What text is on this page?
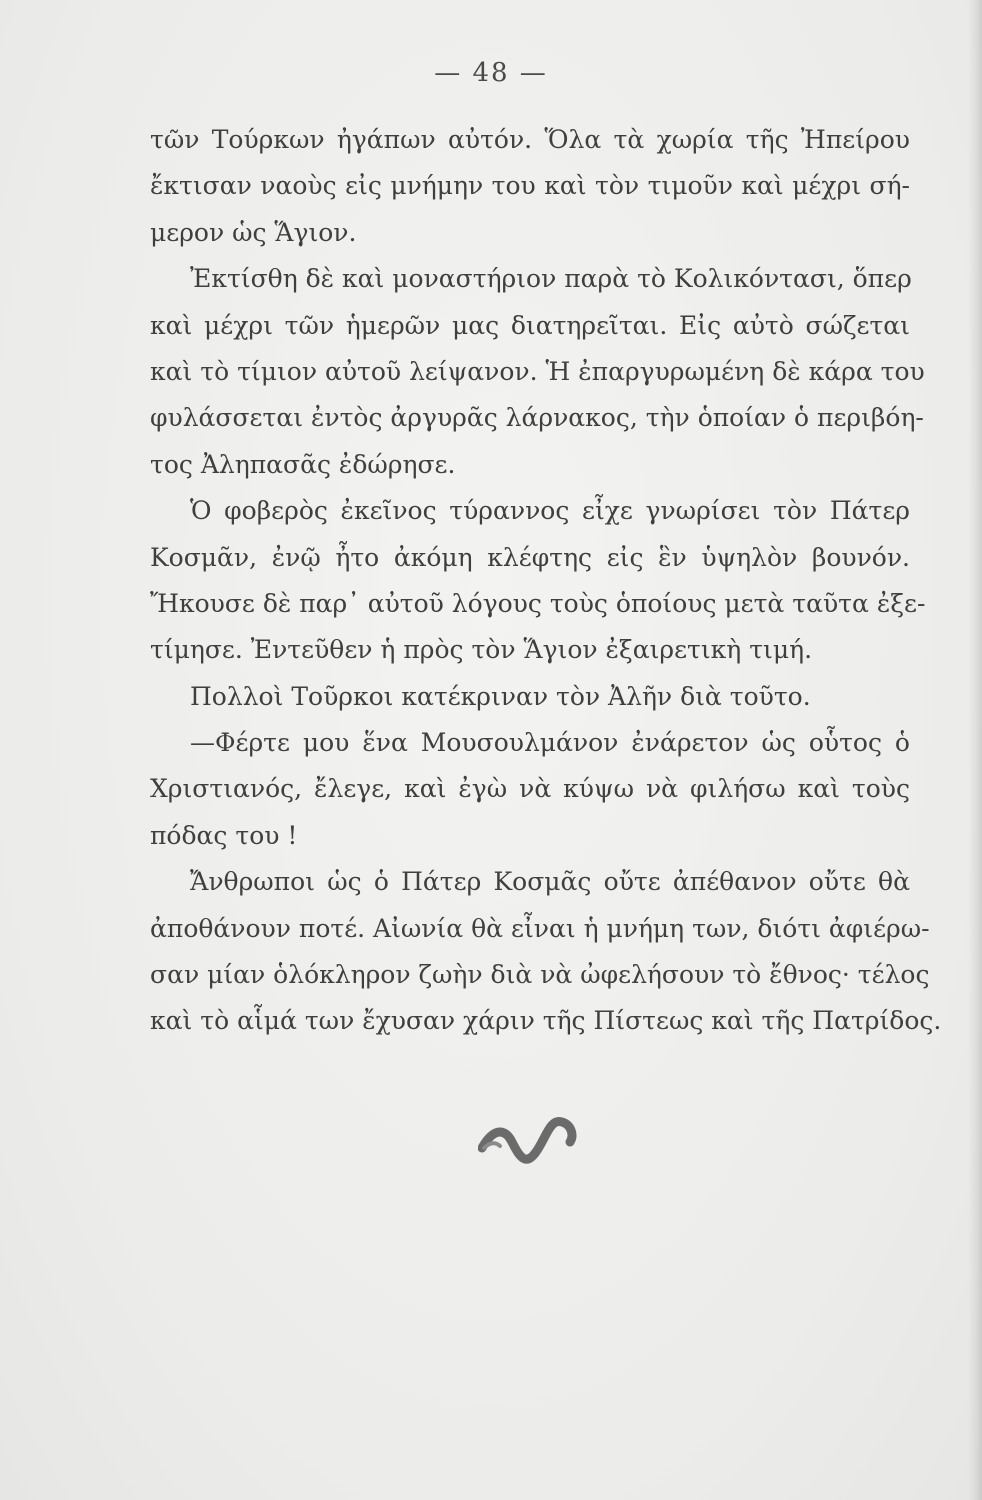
— 48 —
τῶν Τούρκων ἠγάπων αὐτόν. Ὅλα τὰ χωρία τῆς Ἠπείρου
ἔκτισαν ναοὺς εἰς μνήμην του καὶ τὸν τιμοῦν καὶ μέχρι σή-
μερον ὡς Ἅγιον.
Ἐκτίσθη δὲ καὶ μοναστήριον παρὰ τὸ Κολικόντασι, ὅπερ
καὶ μέχρι τῶν ἡμερῶν μας διατηρεῖται. Εἰς αὐτὸ σώζεται
καὶ τὸ τίμιον αὐτοῦ λείψανον. Ἡ ἐπαργυρωμένη δὲ κάρα του
φυλάσσεται ἐντὸς ἀργυρᾶς λάρνακος, τὴν ὁποίαν ὁ περιβόη-
τος Ἀληπασᾶς ἐδώρησε.
Ὁ φοβερὸς ἐκεῖνος τύραννος εἶχε γνωρίσει τὸν Πάτερ
Κοσμᾶν, ἐνῷ ἦτο ἀκόμη κλέφτης εἰς ἓν ὑψηλὸν βουνόν.
Ἤκουσε δὲ παρ᾽ αὐτοῦ λόγους τοὺς ὁποίους μετὰ ταῦτα ἐξε-
τίμησε. Ἐντεῦθεν ἡ πρὸς τὸν Ἅγιον ἐξαιρετικὴ τιμή.
Πολλοὶ Τοῦρκοι κατέκριναν τὸν Ἀλῆν διὰ τοῦτο.
—Φέρτε μου ἕνα Μουσουλμάνον ἐνάρετον ὡς οὗτος ὁ
Χριστιανός, ἔλεγε, καὶ ἐγὼ νὰ κύψω νὰ φιλήσω καὶ τοὺς
πόδας του !
Ἄνθρωποι ὡς ὁ Πάτερ Κοσμᾶς οὔτε ἀπέθανον οὔτε θὰ
ἀποθάνουν ποτέ. Αἰωνία θὰ εἶναι ἡ μνήμη των, διότι ἀφιέρω-
σαν μίαν ὁλόκληρον ζωὴν διὰ νὰ ὠφελήσουν τὸ ἔθνος· τέλος
καὶ τὸ αἷμά των ἔχυσαν χάριν τῆς Πίστεως καὶ τῆς Πατρίδος.
